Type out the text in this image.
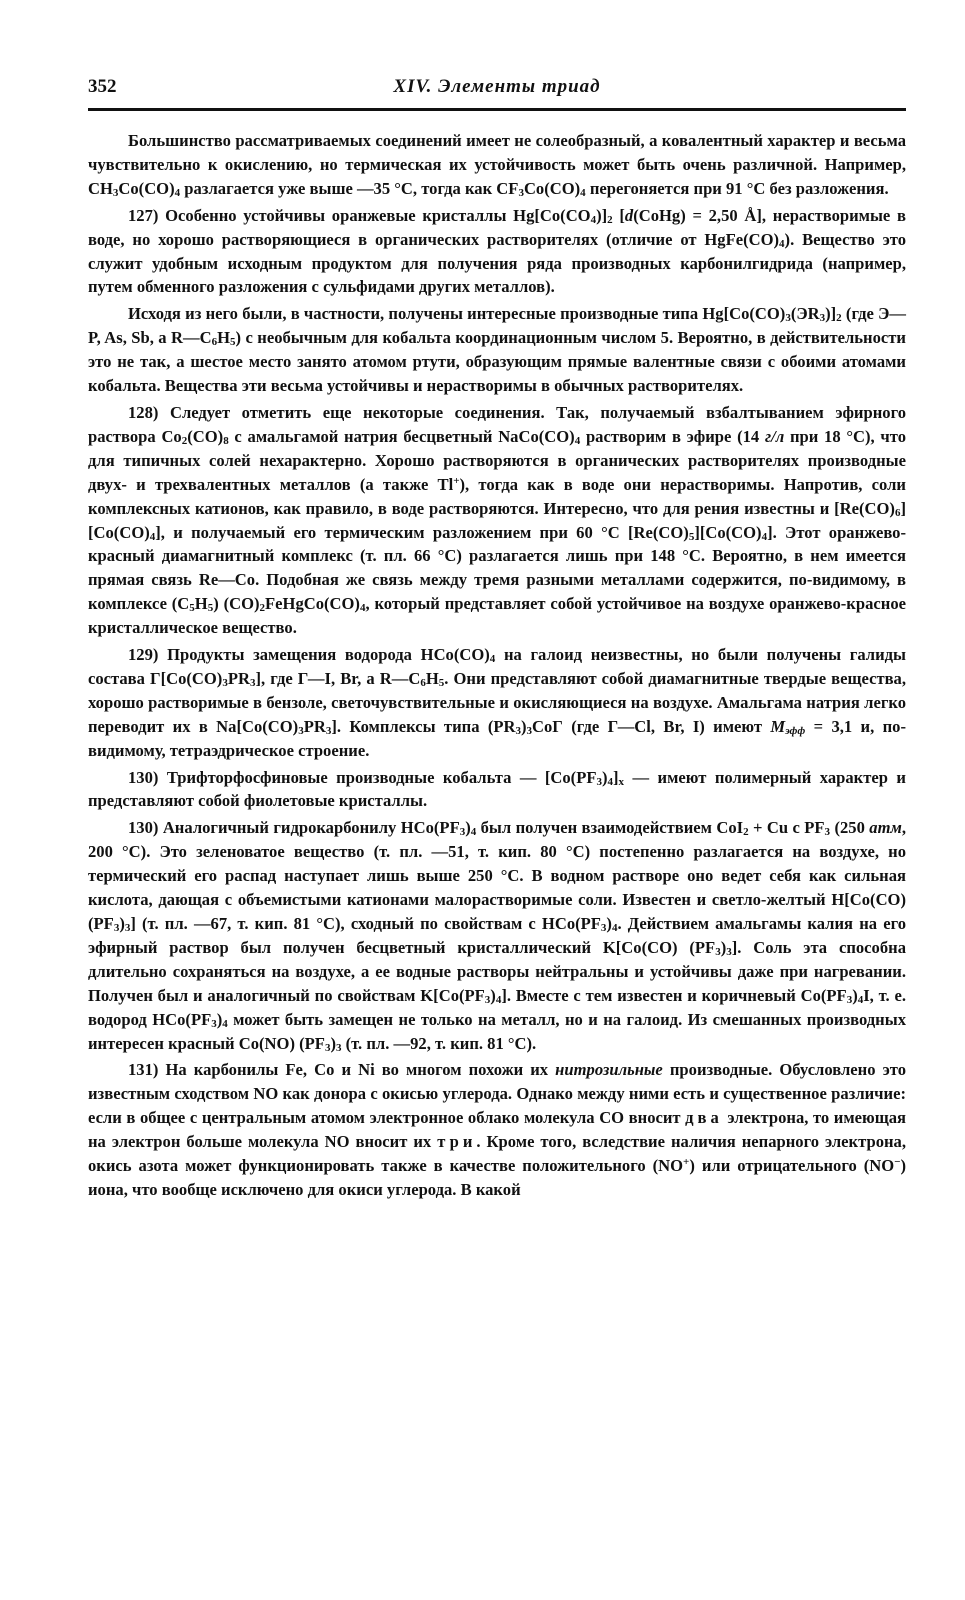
352	XIV. Элементы триад

Большинство рассматриваемых соединений имеет не солеобразный, а ковалентный характер и весьма чувствительно к окислению, но термическая их устойчивость может быть очень различной. Например, $CH_3Co(CO)_4$ разлагается уже выше —35 °C, тогда как $CF_3Co(CO)_4$ перегоняется при 91 °C без разложения.

127) Особенно устойчивы оранжевые кристаллы $Hg[Co(CO_4)]_2$ [d(CoHg) = 2,50 Å], нерастворимые в воде, но хорошо растворяющиеся в органических растворителях (отличие от $HgFe(CO)_4$). Вещество это служит удобным исходным продуктом для получения ряда производных карбонилгидрида (например, путем обменного разложения с сульфидами других металлов).

Исходя из него были, в частности, получены интересные производные типа $Hg[Co(CO)_3(ЭR_3)]_2$ (где Э—P, As, Sb, а $R—C_6H_5$) с необычным для кобальта координационным числом 5. Вероятно, в действительности это не так, а шестое место занято атомом ртути, образующим прямые валентные связи с обоими атомами кобальта. Вещества эти весьма устойчивы и нерастворимы в обычных растворителях.

128) Следует отметить еще некоторые соединения. Так, получаемый взбалтыванием эфирного раствора $Co_2(CO)_8$ с амальгамой натрия бесцветный $NaCo(CO)_4$ растворим в эфире (14 г/л при 18 °C), что для типичных солей нехарактерно. Хорошо растворяются в органических растворителях производные двух- и трехвалентных металлов (а также Tl+), тогда как в воде они нерастворимы. Напротив, соли комплексных катионов, как правило, в воде растворяются. Интересно, что для рения известны и $[Re(CO)_6][Co(CO)_4]$, и получаемый его термическим разложением при 60 °C $[Re(CO)_5][Co(CO)_4]$. Этот оранжево-красный диамагнитный комплекс (т. пл. 66 °C) разлагается лишь при 148 °C. Вероятно, в нем имеется прямая связь Re—Co. Подобная же связь между тремя разными металлами содержится, по-видимому, в комплексе $(C_5H_5)$ $(CO)_2FeHgCo(CO)_4$, который представляет собой устойчивое на воздухе оранжево-красное кристаллическое вещество.

129) Продукты замещения водорода $HCo(CO)_4$ на галоид неизвестны, но были получены галиды состава $Г[Co(CO)_3PR_3]$, где Г—I, Br, а $R—C_6H_5$. Они представляют собой диамагнитные твердые вещества, хорошо растворимые в бензоле, светочувствительные и окисляющиеся на воздухе. Амальгама натрия легко переводит их в $Na[Co(CO)_3PR_3]$. Комплексы типа $(PR_3)_3CoГ$ (где Г—Cl, Br, I) имеют $M_{эфф} = 3,1$ и, по-видимому, тетраэдрическое строение.

130) Трифторфосфиновые производные кобальта — $[Co(PF_3)_4]_x$ — имеют полимерный характер и представляют собой фиолетовые кристаллы.

130) Аналогичный гидрокарбонилу $HCo(PF_3)_4$ был получен взаимодействием CoI$_2$ + Cu с $PF_3$ (250 атм, 200 °C). Это зеленоватое вещество (т. пл. —51, т. кип. 80 °C) постепенно разлагается на воздухе, но термический его распад наступает лишь выше 250 °C. В водном растворе оно ведет себя как сильная кислота, дающая с объемистыми катионами малорастворимые соли. Известен и светло-желтый H[Co(CO) $(PF_3)_3$] (т. пл. —67, т. кип. 81 °C), сходный по свойствам с $HCo(PF_3)_4$. Действием амальгамы калия на его эфирный раствор был получен бесцветный кристаллический K[Co(CO) $(PF_3)_3$]. Соль эта способна длительно сохраняться на воздухе, а ее водные растворы нейтральны и устойчивы даже при нагревании. Получен был и аналогичный по свойствам $K[Co(PF_3)_4]$. Вместе с тем известен и коричневый $Co(PF_3)_4I$, т. е. водород $HCo(PF_3)_4$ может быть замещен не только на металл, но и на галоид. Из смешанных производных интересен красный Co(NO) $(PF_3)_3$ (т. пл. —92, т. кип. 81 °C).

131) На карбонилы Fe, Co и Ni во многом похожи их нитрозильные производные. Обусловлено это известным сходством NO как донора с окисью углерода. Однако между ними есть и существенное различие: если в общее с центральным атомом электронное облако молекула CO вносит два электрона, то имеющая на электрон большe молекула NO вносит их три. Кроме того, вследствие наличия непарного электрона, окись азота может функционировать также в качестве положительного (NO+) или отрицательного (NO−) иона, что вообще исключено для окиси углерода. В какой
